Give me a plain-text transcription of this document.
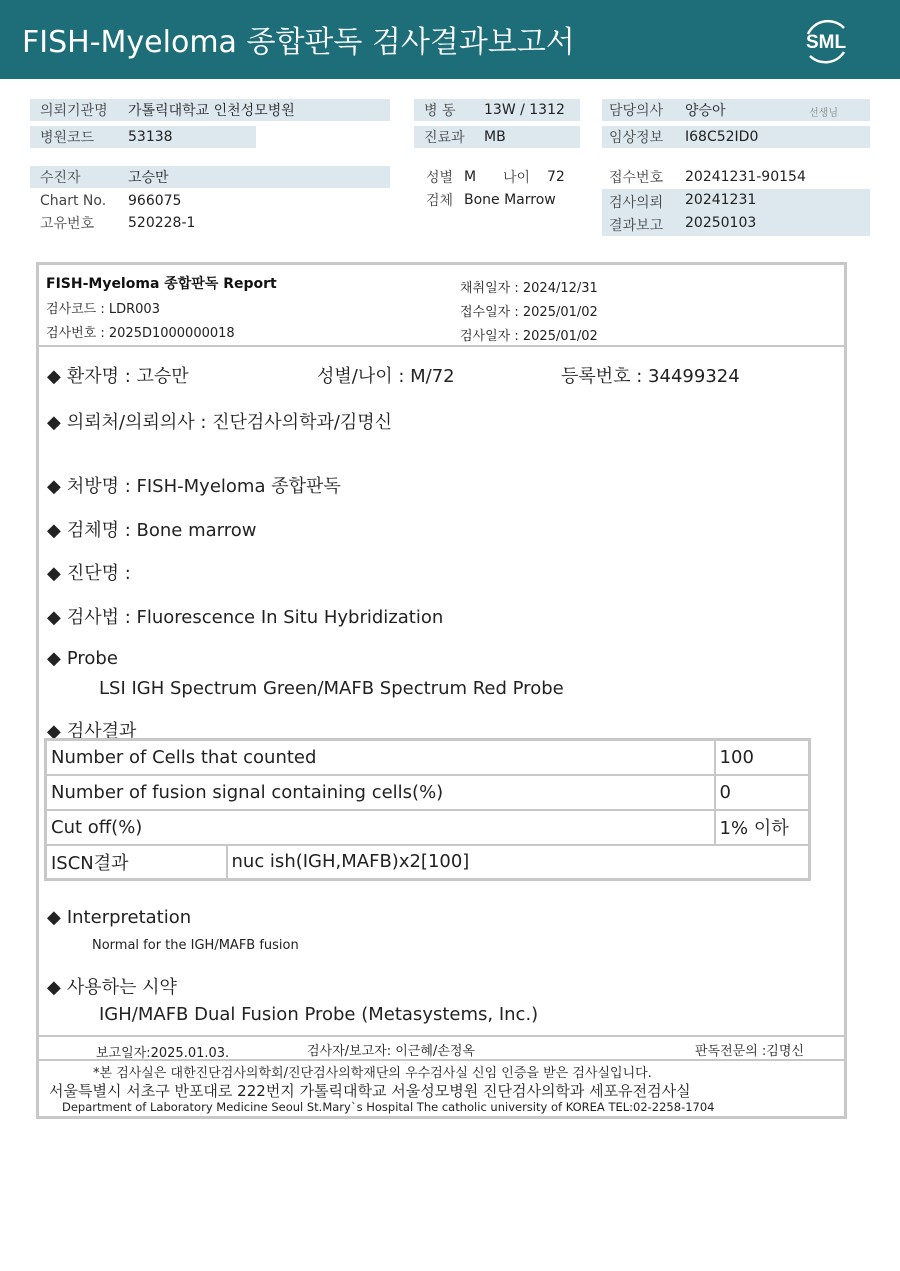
FISH-Myeloma 종합판독 검사결과보고서	SML
의뢰기관명 가톨릭대학교 인천성모병원	병 동 13W / 1312	담당의사 양승아	선생님
병원코드 53138	진료과 MB	임상정보 I68C52ID0
수진자	고승만
Chart No. 966075
고유번호 520228-1
성별 M 나이 72
검체 Bone Marrow
접수번호 20241231-90154
검사의뢰 20241231
결과보고 20250103
FISH-Myeloma 종합판독 Report
검사코드 : LDR003
검사번호 : 2025D1000000018
채취일자 : 2024/12/31
접수일자 : 2025/01/02
검사일자 : 2025/01/02
◆ 환자명 : 고승만	성별/나이 : M/72	등록번호 : 34499324
◆ 의뢰처/의뢰의사 : 진단검사의학과/김명신
◆ 처방명 : FISH-Myeloma 종합판독
◆ 검체명 : Bone marrow
◆ 진단명 :
◆ 검사법 : Fluorescence In Situ Hybridization
◆ Probe
LSI IGH Spectrum Green/MAFB Spectrum Red Probe
◆ 검사결과
Number of Cells that counted		100
Number of fusion signal containing cells(%)		0
Cut off(%)		1% 이하
ISCN결과	nuc ish(IGH,MAFB)x2[100]	
◆ Interpretation
Normal for the IGH/MAFB fusion
◆ 사용하는 시약
IGH/MAFB Dual Fusion Probe (Metasystems, Inc.)
보고일자:2025.01.03.	검사자/보고자: 이근혜/손정옥	판독전문의 :김명신
*본 검사실은 대한진단검사의학회/진단검사의학재단의 우수검사실 신임 인증을 받은 검사실입니다.
서울특별시 서초구 반포대로 222번지 가톨릭대학교 서울성모병원 진단검사의학과 세포유전검사실
Department of Laboratory Medicine Seoul St.Mary`s Hospital The catholic university of KOREA TEL:02-2258-1704
